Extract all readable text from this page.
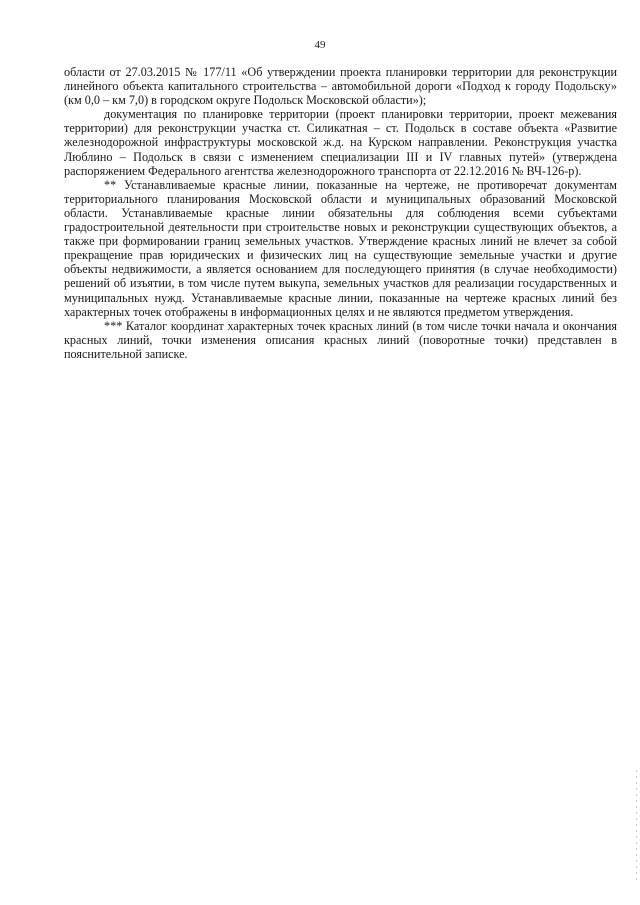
49

области от 27.03.2015 № 177/11 «Об утверждении проекта планировки территории для реконструкции линейного объекта капитального строительства – автомобильной дороги «Подход к городу Подольску» (км 0,0 – км 7,0) в городском округе Подольск Московской области»);

документация по планировке территории (проект планировки территории, проект межевания территории) для реконструкции участка ст. Силикатная – ст. Подольск в составе объекта «Развитие железнодорожной инфраструктуры московской ж.д. на Курском направлении. Реконструкция участка Люблино – Подольск в связи с изменением специализации III и IV главных путей» (утверждена распоряжением Федерального агентства железнодорожного транспорта от 22.12.2016 № ВЧ-126-р).

** Устанавливаемые красные линии, показанные на чертеже, не противоречат документам территориального планирования Московской области и муниципальных образований Московской области. Устанавливаемые красные линии обязательны для соблюдения всеми субъектами градостроительной деятельности при строительстве новых и реконструкции существующих объектов, а также при формировании границ земельных участков. Утверждение красных линий не влечет за собой прекращение прав юридических и физических лиц на существующие земельные участки и другие объекты недвижимости, а является основанием для последующего принятия (в случае необходимости) решений об изъятии, в том числе путем выкупа, земельных участков для реализации государственных и муниципальных нужд. Устанавливаемые красные линии, показанные на чертеже красных линий без характерных точек отображены в информационных целях и не являются предметом утверждения.

*** Каталог координат характерных точек красных линий (в том числе точки начала и окончания красных линий, точки изменения описания красных линий (поворотные точки) представлен в пояснительной записке.
